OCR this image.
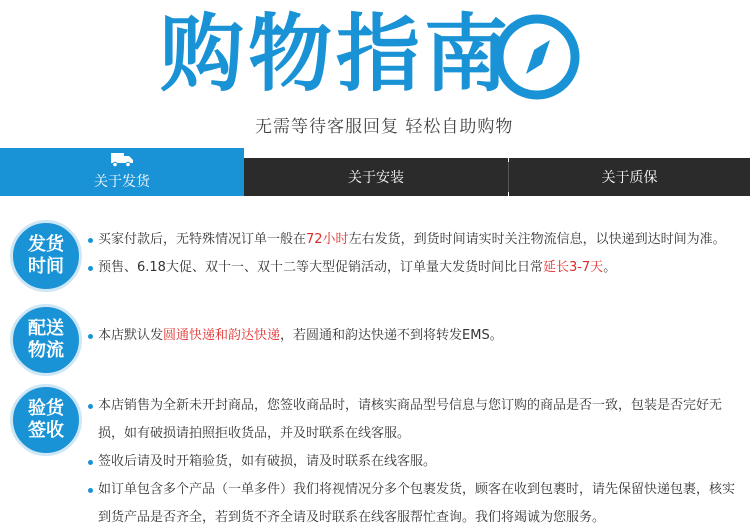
购物指南
无需等待客服回复 轻松自助购物
关于发货	关于安装	关于质保
发货
时间
买家付款后，无特殊情况订单一般在72小时左右发货，到货时间请实时关注物流信息，以快递到达时间为准。
预售、6.18大促、双十一、双十二等大型促销活动，订单量大发货时间比日常延长3-7天。
配送
物流
本店默认发圆通快递和韵达快递，若圆通和韵达快递不到将转发EMS。
验货
签收
本店销售为全新未开封商品，您签收商品时，请核实商品型号信息与您订购的商品是否一致，包装是否完好无
损，如有破损请拍照拒收货品，并及时联系在线客服。
签收后请及时开箱验货，如有破损，请及时联系在线客服。
如订单包含多个产品（一单多件）我们将视情况分多个包裹发货，顾客在收到包裹时，请先保留快递包裹，核实
到货产品是否齐全，若到货不齐全请及时联系在线客服帮忙查询。我们将竭诚为您服务。
